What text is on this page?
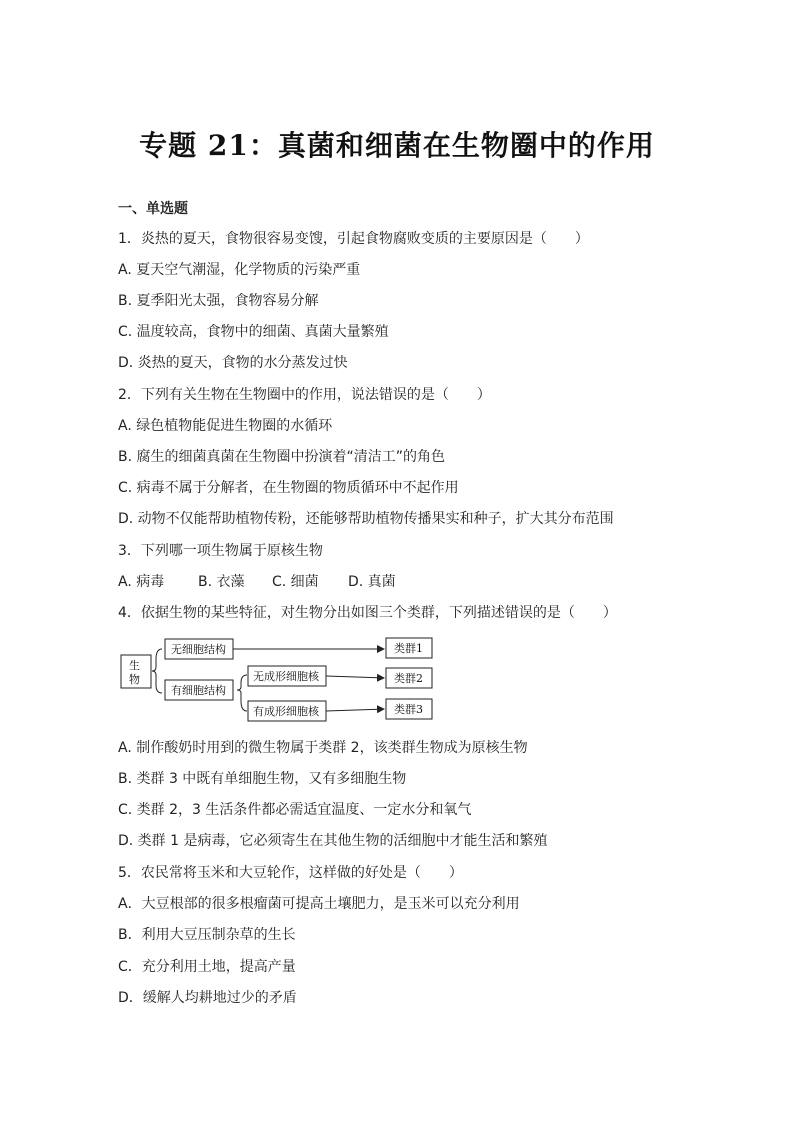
专题 21：真菌和细菌在生物圈中的作用
一、单选题
1．炎热的夏天，食物很容易变馊，引起食物腐败变质的主要原因是（　　）
A. 夏天空气潮湿，化学物质的污染严重
B. 夏季阳光太强，食物容易分解
C. 温度较高，食物中的细菌、真菌大量繁殖
D. 炎热的夏天，食物的水分蒸发过快
2．下列有关生物在生物圈中的作用，说法错误的是（　　）
A. 绿色植物能促进生物圈的水循环
B. 腐生的细菌真菌在生物圈中扮演着“清洁工”的角色
C. 病毒不属于分解者，在生物圈的物质循环中不起作用
D. 动物不仅能帮助植物传粉，还能够帮助植物传播果实和种子，扩大其分布范围
3．下列哪一项生物属于原核生物
A. 病毒 B. 衣藻 C. 细菌 D. 真菌
4．依据生物的某些特征，对生物分出如图三个类群，下列描述错误的是（　　）
生
物
无细胞结构
有细胞结构
无成形细胞核
有成形细胞核
类群1
类群2
类群3
A. 制作酸奶时用到的微生物属于类群 2，该类群生物成为原核生物
B. 类群 3 中既有单细胞生物，又有多细胞生物
C. 类群 2，3 生活条件都必需适宜温度、一定水分和氧气
D. 类群 1 是病毒，它必须寄生在其他生物的活细胞中才能生活和繁殖
5．农民常将玉米和大豆轮作，这样做的好处是（　　）
A．大豆根部的很多根瘤菌可提高土壤肥力，是玉米可以充分利用
B．利用大豆压制杂草的生长
C．充分利用土地，提高产量
D．缓解人均耕地过少的矛盾
